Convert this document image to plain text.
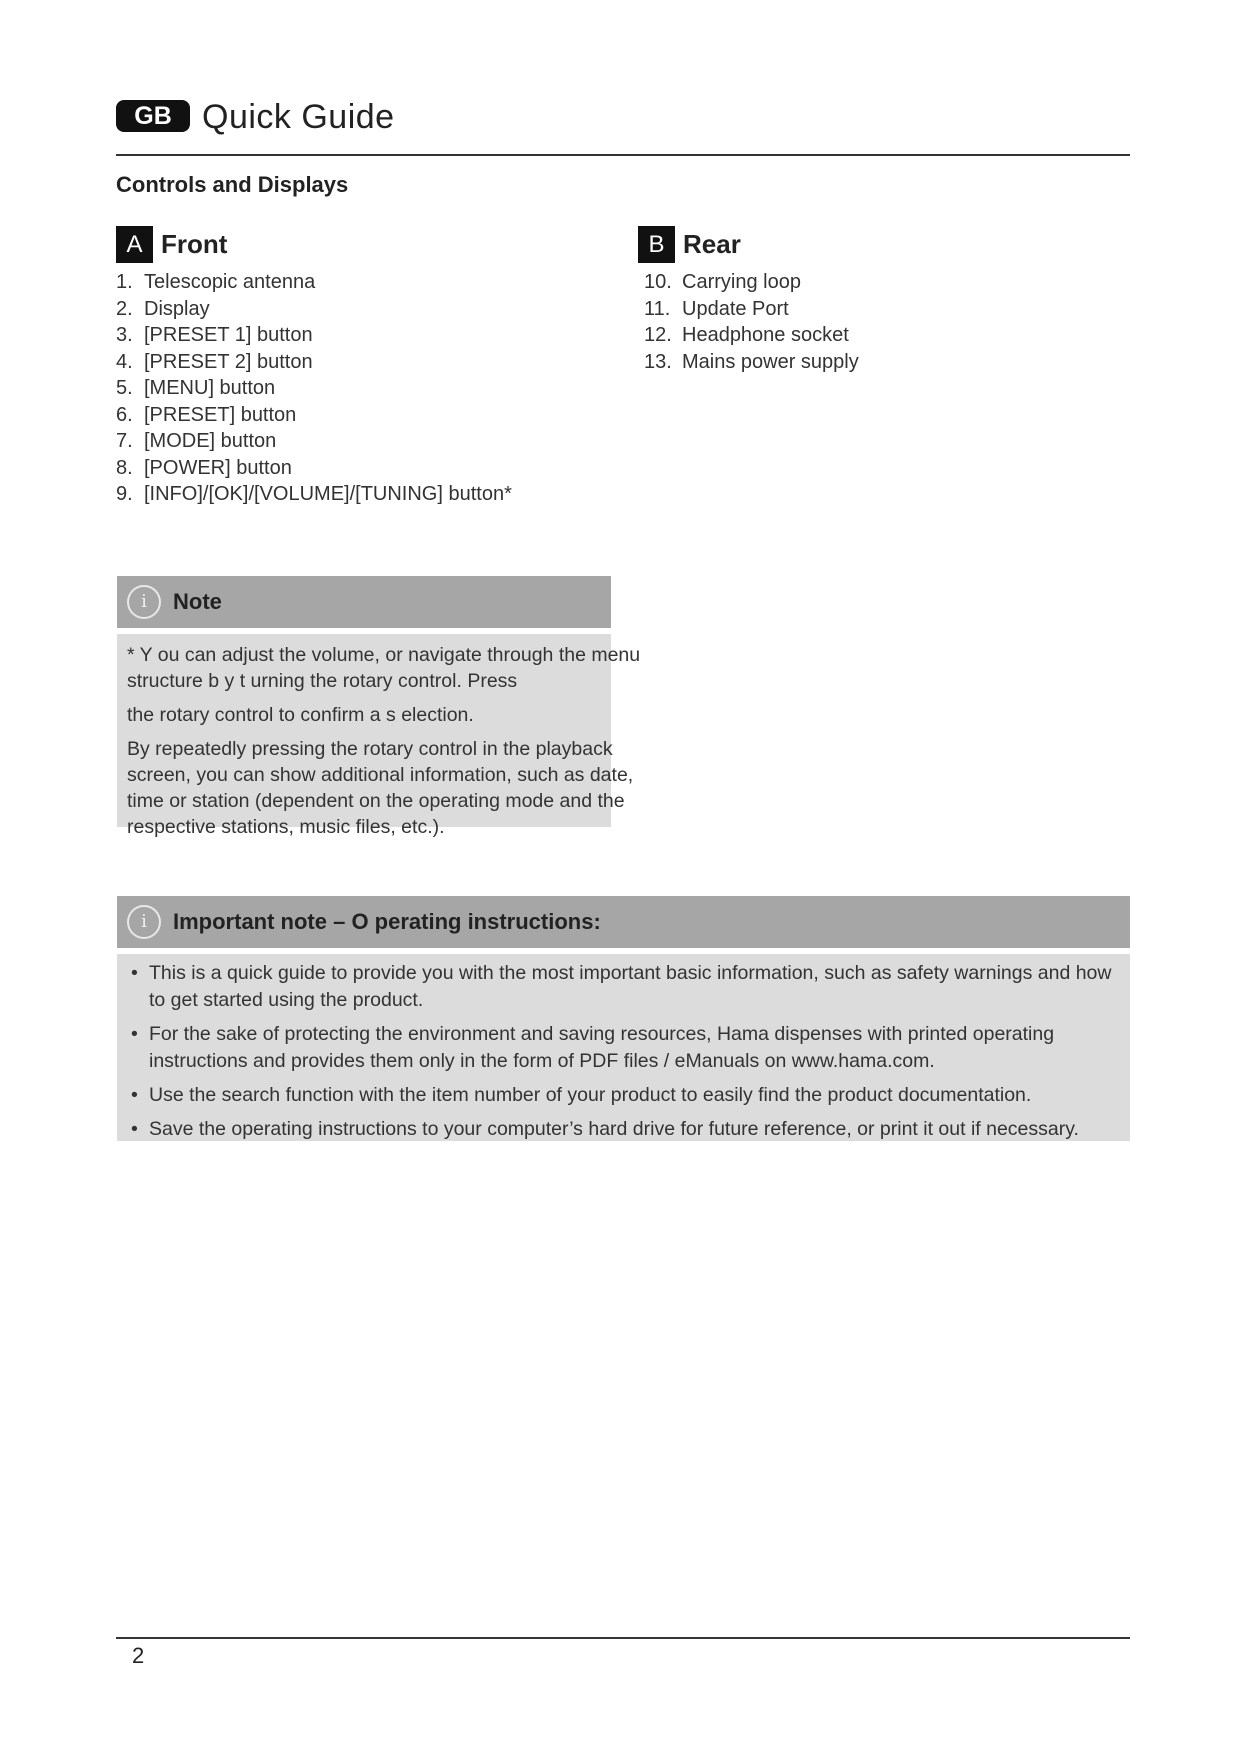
GB Quick Guide
Controls and Displays
A Front
1. Telescopic antenna
2. Display
3. [PRESET 1] button
4. [PRESET 2] button
5. [MENU] button
6. [PRESET] button
7. [MODE] button
8. [POWER] button
9. [INFO]/[OK]/[VOLUME]/[TUNING] button*
B Rear
10. Carrying loop
11. Update Port
12. Headphone socket
13. Mains power supply
i	Note

* Y ou can adjust the volume, or navigate through the menu structure b y t urning the rotary control. Press

the rotary control to confirm a s election.

By repeatedly pressing the rotary control in the playback screen, you can show additional information, such as date, time or station (dependent on the operating mode and the respective stations, music files, etc.).

i	Important note – O perating instructions:
• This is a quick guide to provide you with the most important basic information, such as safety warnings and how to get started using the product.
• For the sake of protecting the environment and saving resources, Hama dispenses with printed operating instructions and provides them only in the form of PDF files / eManuals on www.hama.com.
• Use the search function with the item number of your product to easily find the product documentation.
• Save the operating instructions to your computer’s hard drive for future reference, or print it out if necessary.
2
